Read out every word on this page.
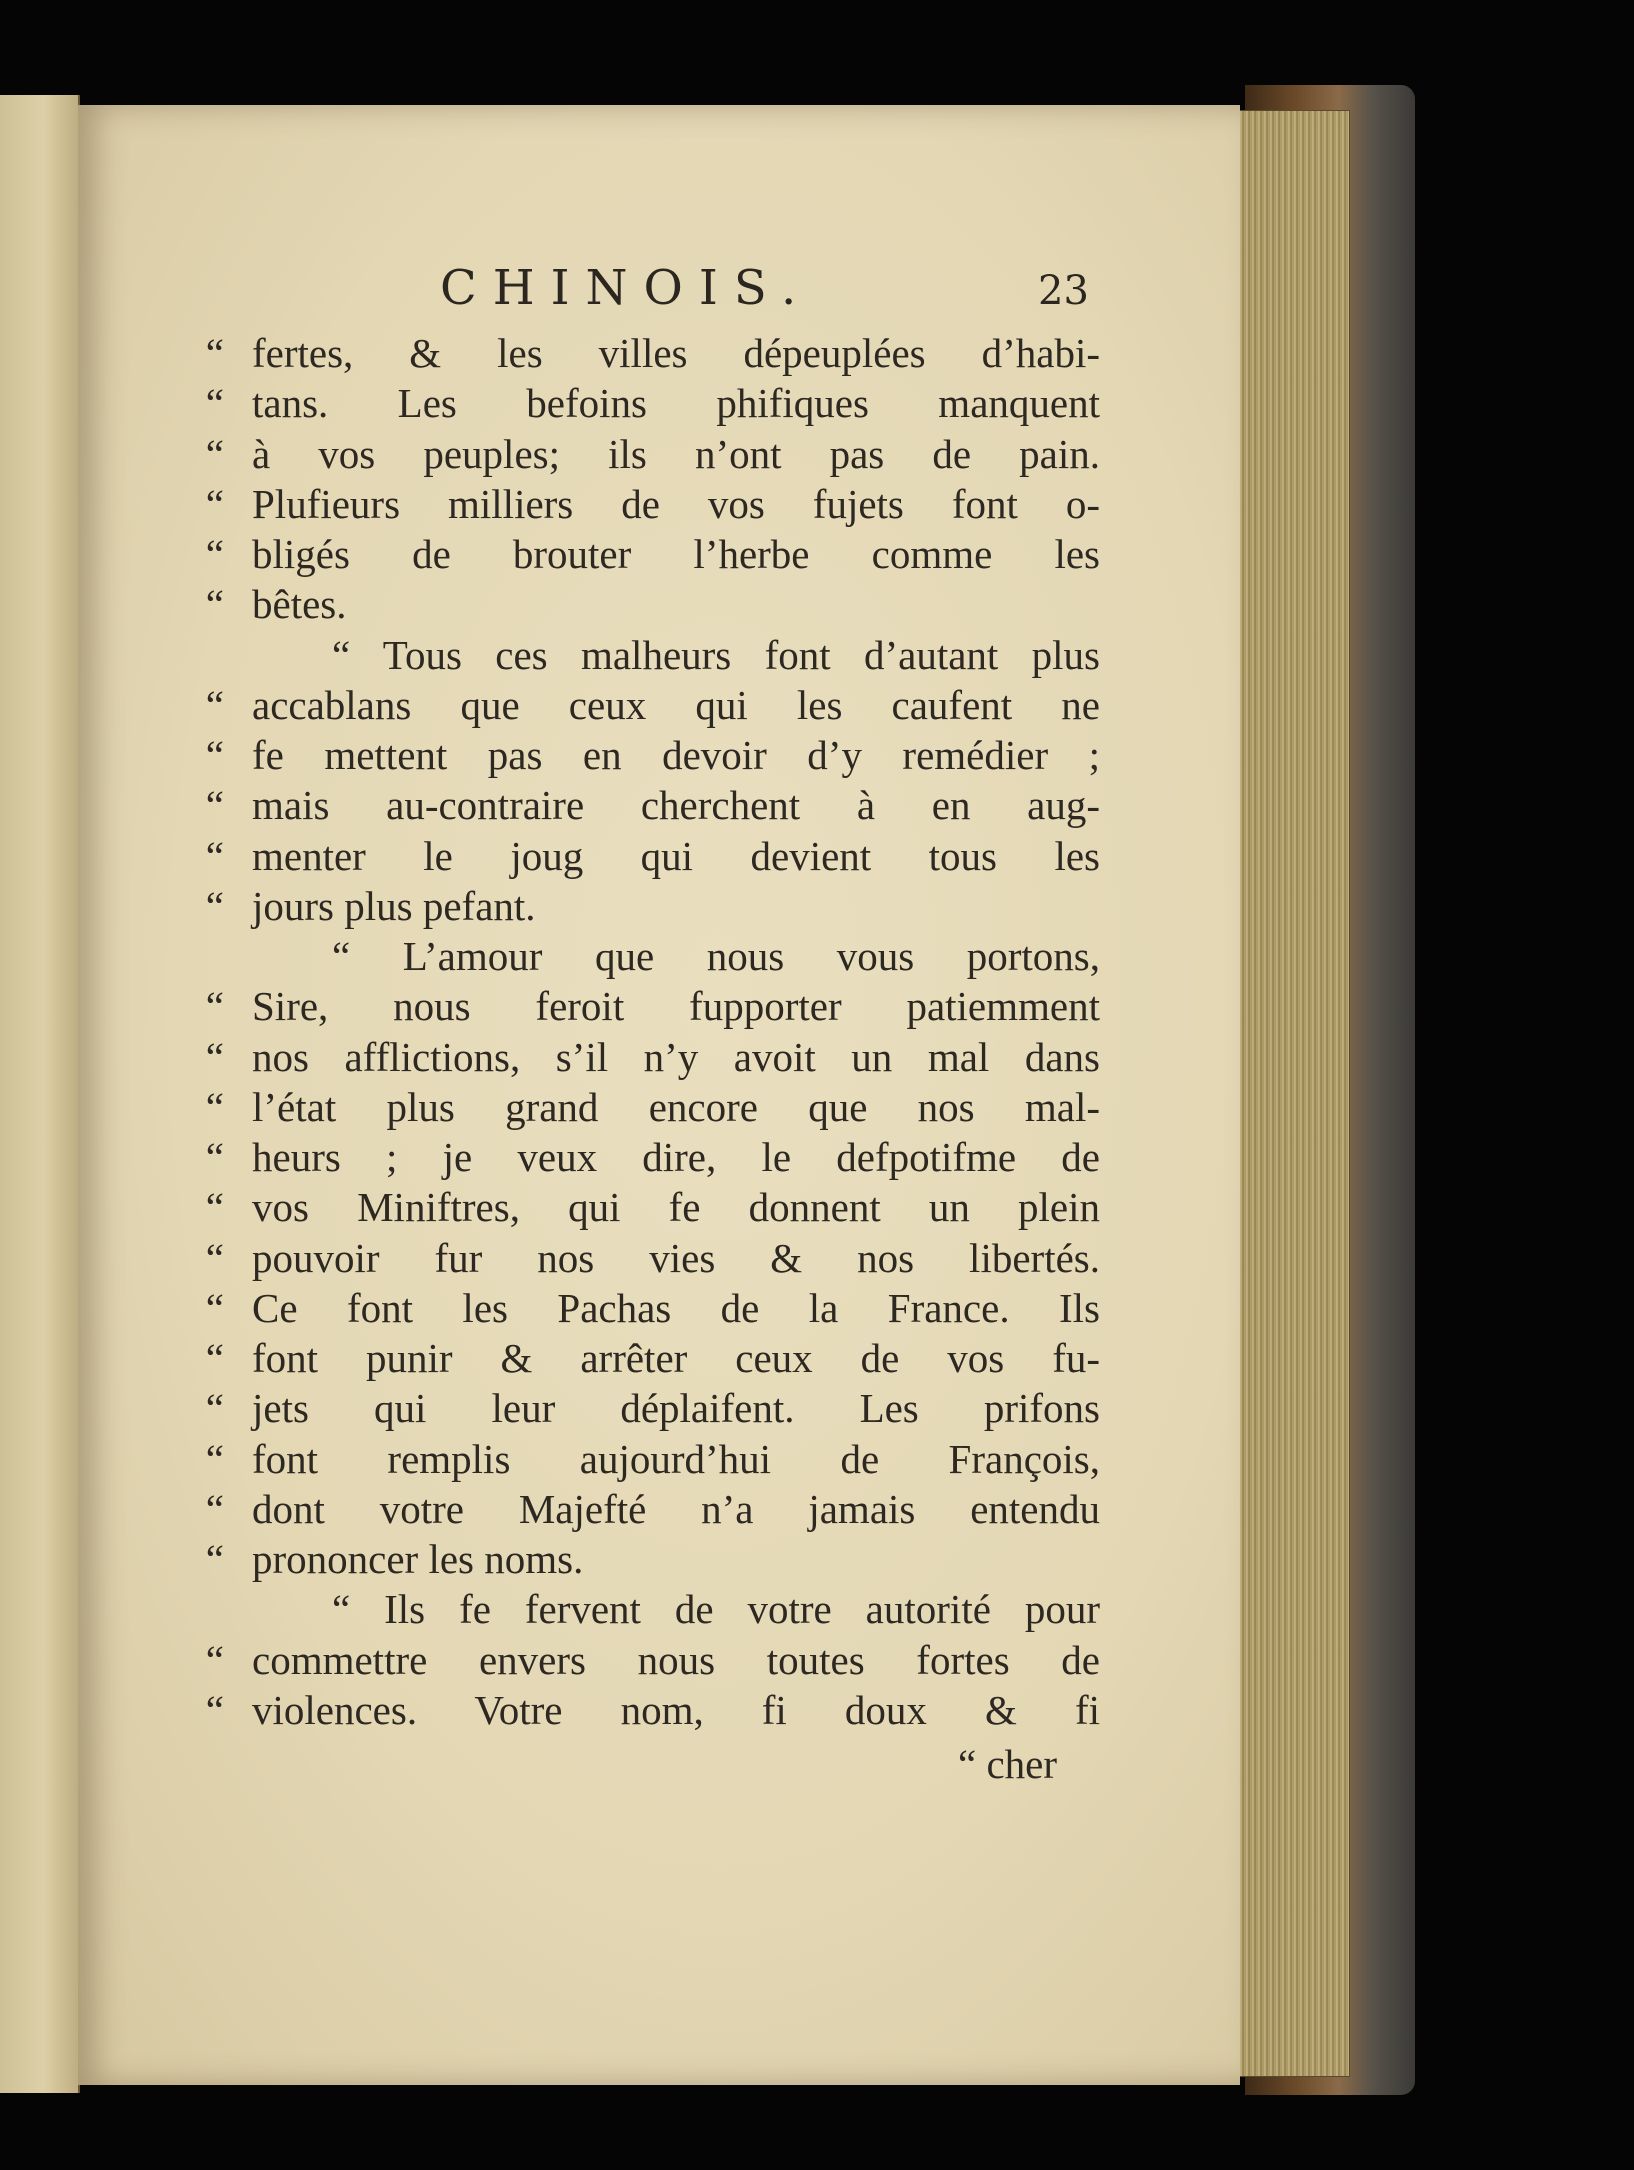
CHINOIS.	23
“ fertes, & les villes dépeuplées d’habi-
“ tans. Les befoins phifiques manquent
“ à vos peuples; ils n’ont pas de pain.
“ Plufieurs milliers de vos fujets font o-
“ bligés de brouter l’herbe comme les
“ bêtes.
“ Tous ces malheurs font d’autant plus
“ accablans que ceux qui les caufent ne
“ fe mettent pas en devoir d’y remédier ;
“ mais au-contraire cherchent à en aug-
“ menter le joug qui devient tous les
“ jours plus pefant.
“ L’amour que nous vous portons,
“ Sire, nous feroit fupporter patiemment
“ nos afflictions, s’il n’y avoit un mal dans
“ l’état plus grand encore que nos mal-
“ heurs ; je veux dire, le defpotifme de
“ vos Miniftres, qui fe donnent un plein
“ pouvoir fur nos vies & nos libertés.
“ Ce font les Pachas de la France. Ils
“ font punir & arrêter ceux de vos fu-
“ jets qui leur déplaifent. Les prifons
“ font remplis aujourd’hui de François,
“ dont votre Majefté n’a jamais entendu
“ prononcer les noms.
“ Ils fe fervent de votre autorité pour
“ commettre envers nous toutes fortes de
“ violences. Votre nom, fi doux & fi
“ cher
